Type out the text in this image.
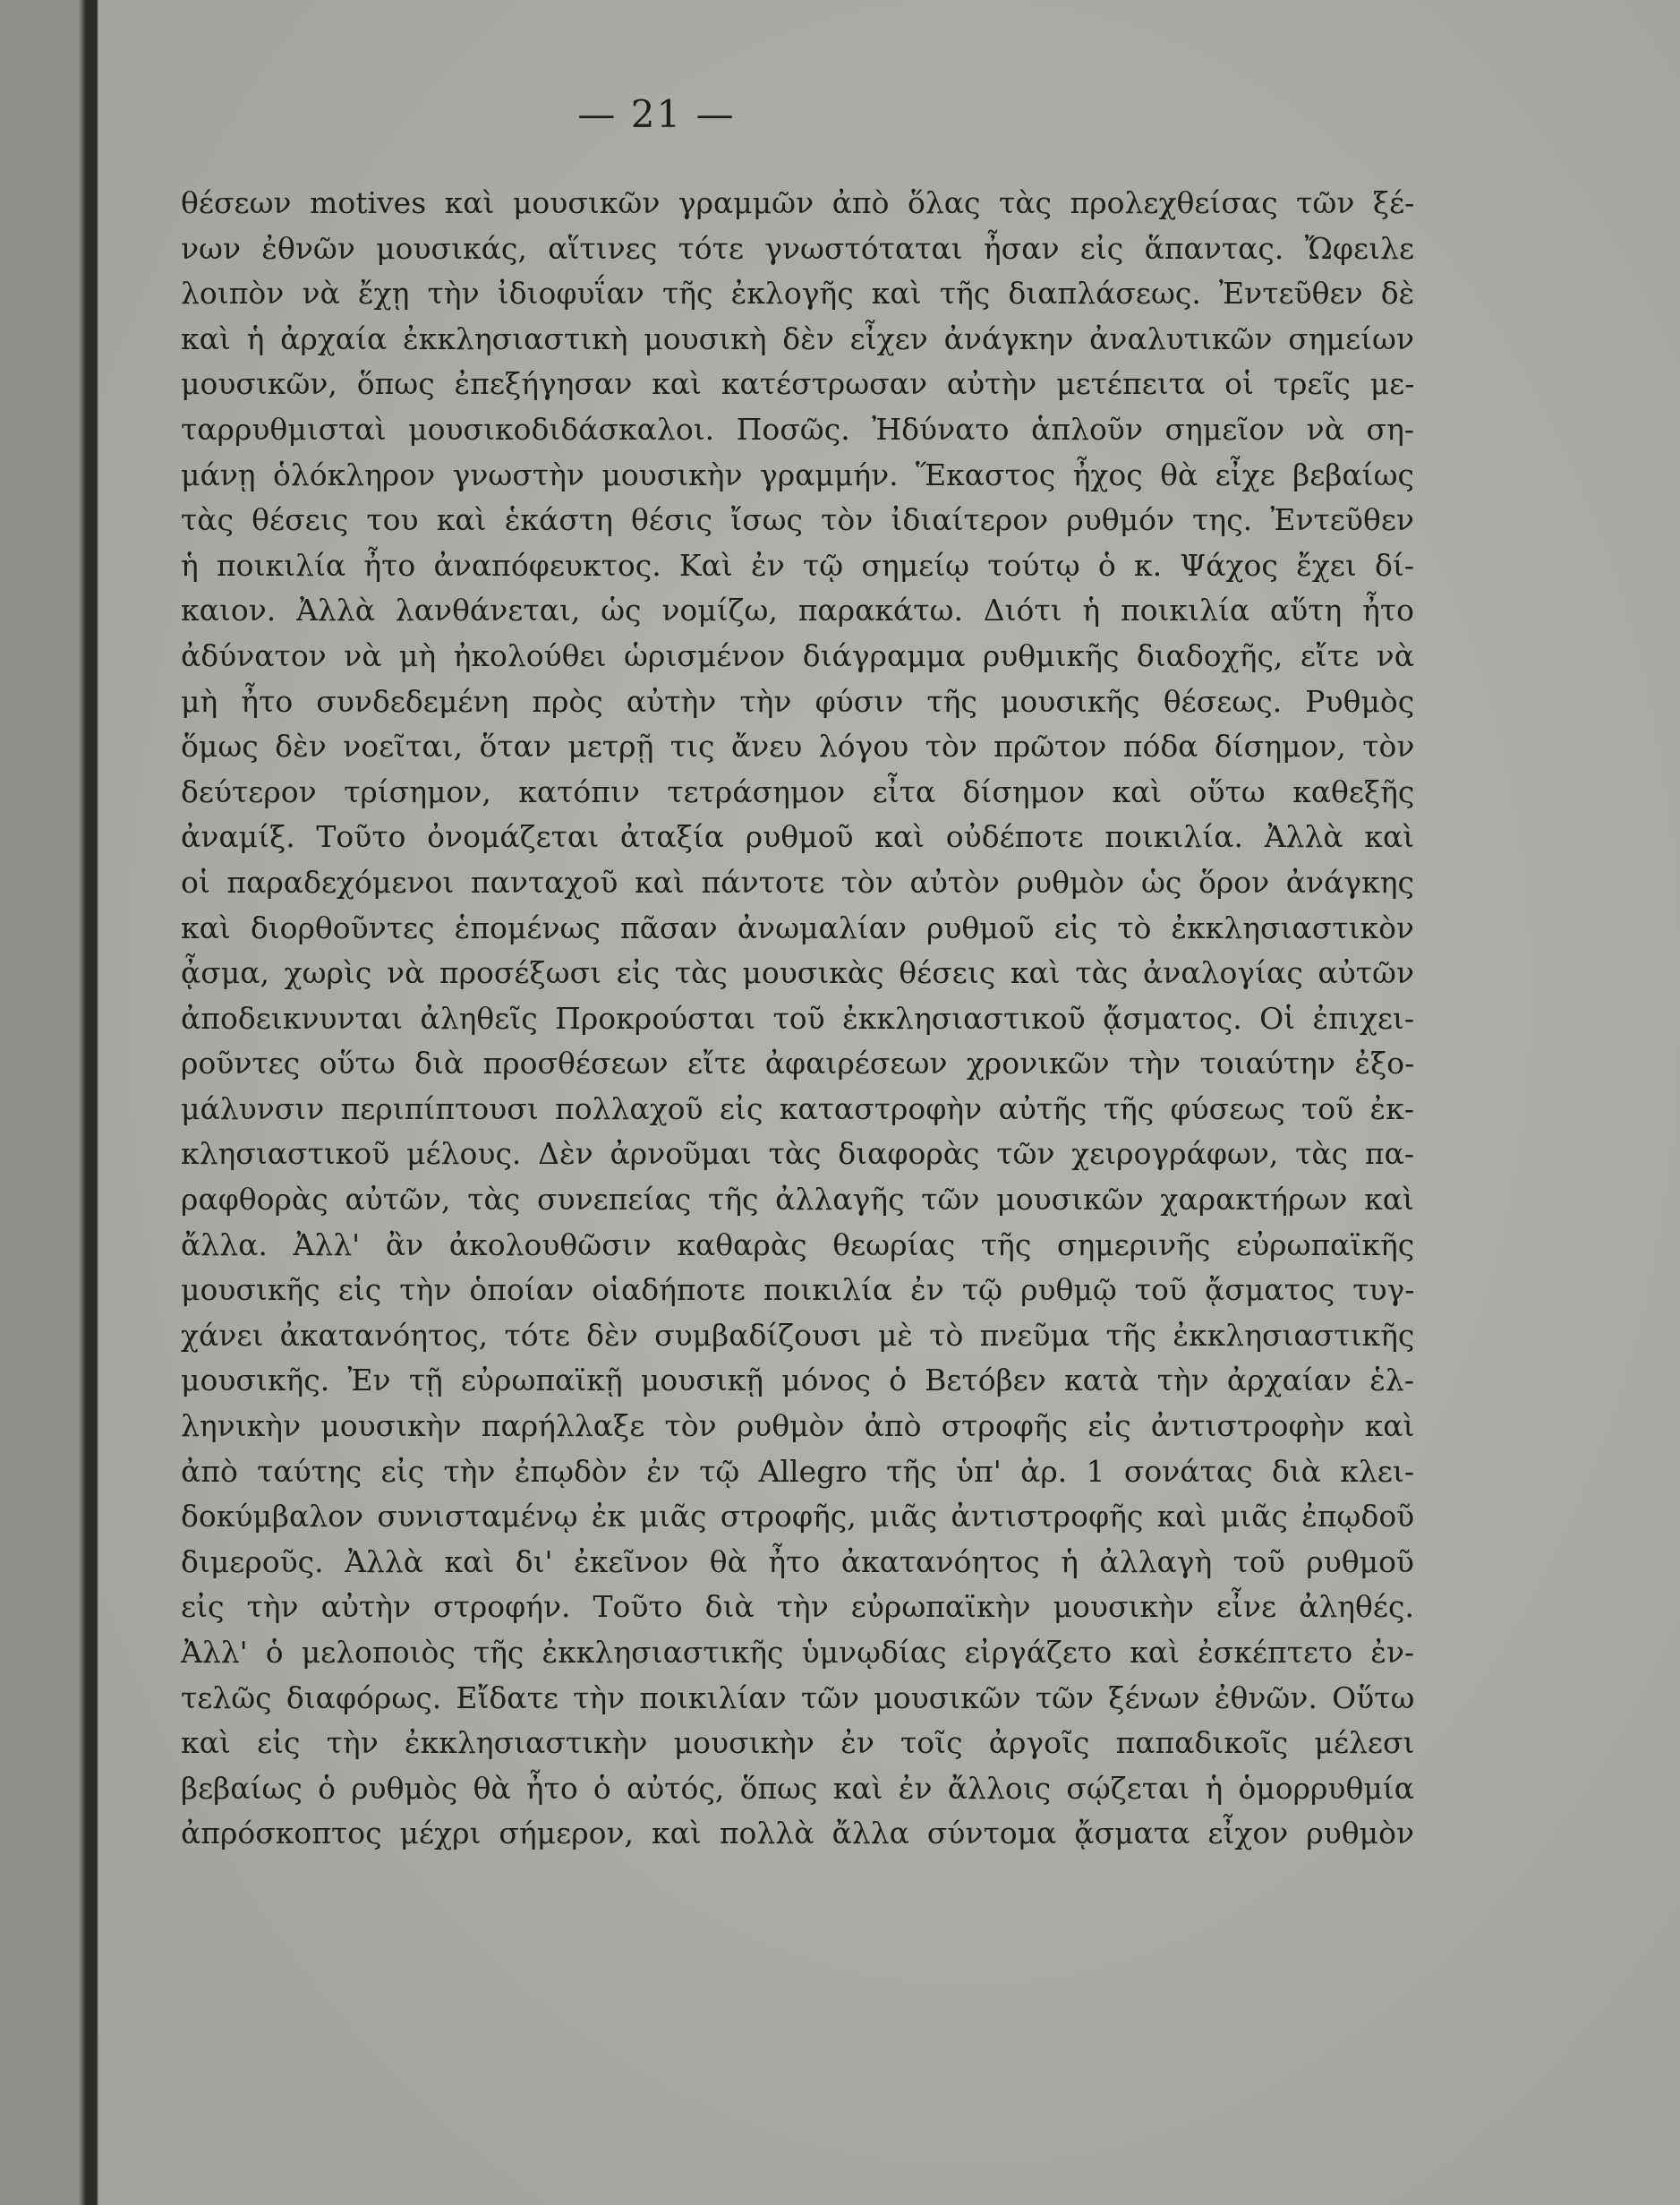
— 21 —
θέσεων motives καὶ μουσικῶν γραμμῶν ἀπὸ ὅλας τὰς προλεχθείσας τῶν ξέ-
νων ἐθνῶν μουσικάς, αἵτινες τότε γνωστόταται ἦσαν εἰς ἅπαντας. Ὤφειλε
λοιπὸν νὰ ἔχῃ τὴν ἰδιοφυΐαν τῆς ἐκλογῆς καὶ τῆς διαπλάσεως. Ἐντεῦθεν δὲ
καὶ ἡ ἀρχαία ἐκκλησιαστικὴ μουσικὴ δὲν εἶχεν ἀνάγκην ἀναλυτικῶν σημείων
μουσικῶν, ὅπως ἐπεξήγησαν καὶ κατέστρωσαν αὐτὴν μετέπειτα οἱ τρεῖς με-
ταρρυθμισταὶ μουσικοδιδάσκαλοι. Ποσῶς. Ἠδύνατο ἁπλοῦν σημεῖον νὰ ση-
μάνῃ ὁλόκληρον γνωστὴν μουσικὴν γραμμήν. Ἕκαστος ἦχος θὰ εἶχε βεβαίως
τὰς θέσεις του καὶ ἑκάστη θέσις ἴσως τὸν ἰδιαίτερον ρυθμόν της. Ἐντεῦθεν
ἡ ποικιλία ἦτο ἀναπόφευκτος. Καὶ ἐν τῷ σημείῳ τούτῳ ὁ κ. Ψάχος ἔχει δί-
καιον. Ἀλλὰ λανθάνεται, ὡς νομίζω, παρακάτω. Διότι ἡ ποικιλία αὕτη ἦτο
ἀδύνατον νὰ μὴ ἠκολούθει ὡρισμένον διάγραμμα ρυθμικῆς διαδοχῆς, εἴτε νὰ
μὴ ἦτο συνδεδεμένη πρὸς αὐτὴν τὴν φύσιν τῆς μουσικῆς θέσεως. Ρυθμὸς
ὅμως δὲν νοεῖται, ὅταν μετρῇ τις ἄνευ λόγου τὸν πρῶτον πόδα δίσημον, τὸν
δεύτερον τρίσημον, κατόπιν τετράσημον εἶτα δίσημον καὶ οὕτω καθεξῆς
ἀναμίξ. Τοῦτο ὀνομάζεται ἀταξία ρυθμοῦ καὶ οὐδέποτε ποικιλία. Ἀλλὰ καὶ
οἱ παραδεχόμενοι πανταχοῦ καὶ πάντοτε τὸν αὐτὸν ρυθμὸν ὡς ὅρον ἀνάγκης
καὶ διορθοῦντες ἑπομένως πᾶσαν ἀνωμαλίαν ρυθμοῦ εἰς τὸ ἐκκλησιαστικὸν
ᾆσμα, χωρὶς νὰ προσέξωσι εἰς τὰς μουσικὰς θέσεις καὶ τὰς ἀναλογίας αὐτῶν
ἀποδεικνυνται ἀληθεῖς Προκρούσται τοῦ ἐκκλησιαστικοῦ ᾄσματος. Οἱ ἐπιχει-
ροῦντες οὕτω διὰ προσθέσεων εἴτε ἀφαιρέσεων χρονικῶν τὴν τοιαύτην ἐξο-
μάλυνσιν περιπίπτουσι πολλαχοῦ εἰς καταστροφὴν αὐτῆς τῆς φύσεως τοῦ ἐκ-
κλησιαστικοῦ μέλους. Δὲν ἀρνοῦμαι τὰς διαφορὰς τῶν χειρογράφων, τὰς πα-
ραφθορὰς αὐτῶν, τὰς συνεπείας τῆς ἀλλαγῆς τῶν μουσικῶν χαρακτήρων καὶ
ἄλλα. Ἀλλ' ἂν ἀκολουθῶσιν καθαρὰς θεωρίας τῆς σημερινῆς εὐρωπαϊκῆς
μουσικῆς εἰς τὴν ὁποίαν οἱαδήποτε ποικιλία ἐν τῷ ρυθμῷ τοῦ ᾄσματος τυγ-
χάνει ἀκατανόητος, τότε δὲν συμβαδίζουσι μὲ τὸ πνεῦμα τῆς ἐκκλησιαστικῆς
μουσικῆς. Ἐν τῇ εὐρωπαϊκῇ μουσικῇ μόνος ὁ Βετόβεν κατὰ τὴν ἀρχαίαν ἑλ-
ληνικὴν μουσικὴν παρήλλαξε τὸν ρυθμὸν ἀπὸ στροφῆς εἰς ἀντιστροφὴν καὶ
ἀπὸ ταύτης εἰς τὴν ἐπῳδὸν ἐν τῷ Allegro τῆς ὑπ' ἀρ. 1 σονάτας διὰ κλει-
δοκύμβαλον συνισταμένῳ ἐκ μιᾶς στροφῆς, μιᾶς ἀντιστροφῆς καὶ μιᾶς ἐπῳδοῦ
διμεροῦς. Ἀλλὰ καὶ δι' ἐκεῖνον θὰ ἦτο ἀκατανόητος ἡ ἀλλαγὴ τοῦ ρυθμοῦ
εἰς τὴν αὐτὴν στροφήν. Τοῦτο διὰ τὴν εὐρωπαϊκὴν μουσικὴν εἶνε ἀληθές.
Ἀλλ' ὁ μελοποιὸς τῆς ἐκκλησιαστικῆς ὑμνῳδίας εἰργάζετο καὶ ἐσκέπτετο ἐν-
τελῶς διαφόρως. Εἴδατε τὴν ποικιλίαν τῶν μουσικῶν τῶν ξένων ἐθνῶν. Οὕτω
καὶ εἰς τὴν ἐκκλησιαστικὴν μουσικὴν ἐν τοῖς ἀργοῖς παπαδικοῖς μέλεσι
βεβαίως ὁ ρυθμὸς θὰ ἦτο ὁ αὐτός, ὅπως καὶ ἐν ἄλλοις σῴζεται ἡ ὁμορρυθμία
ἀπρόσκοπτος μέχρι σήμερον, καὶ πολλὰ ἄλλα σύντομα ᾄσματα εἶχον ρυθμὸν
